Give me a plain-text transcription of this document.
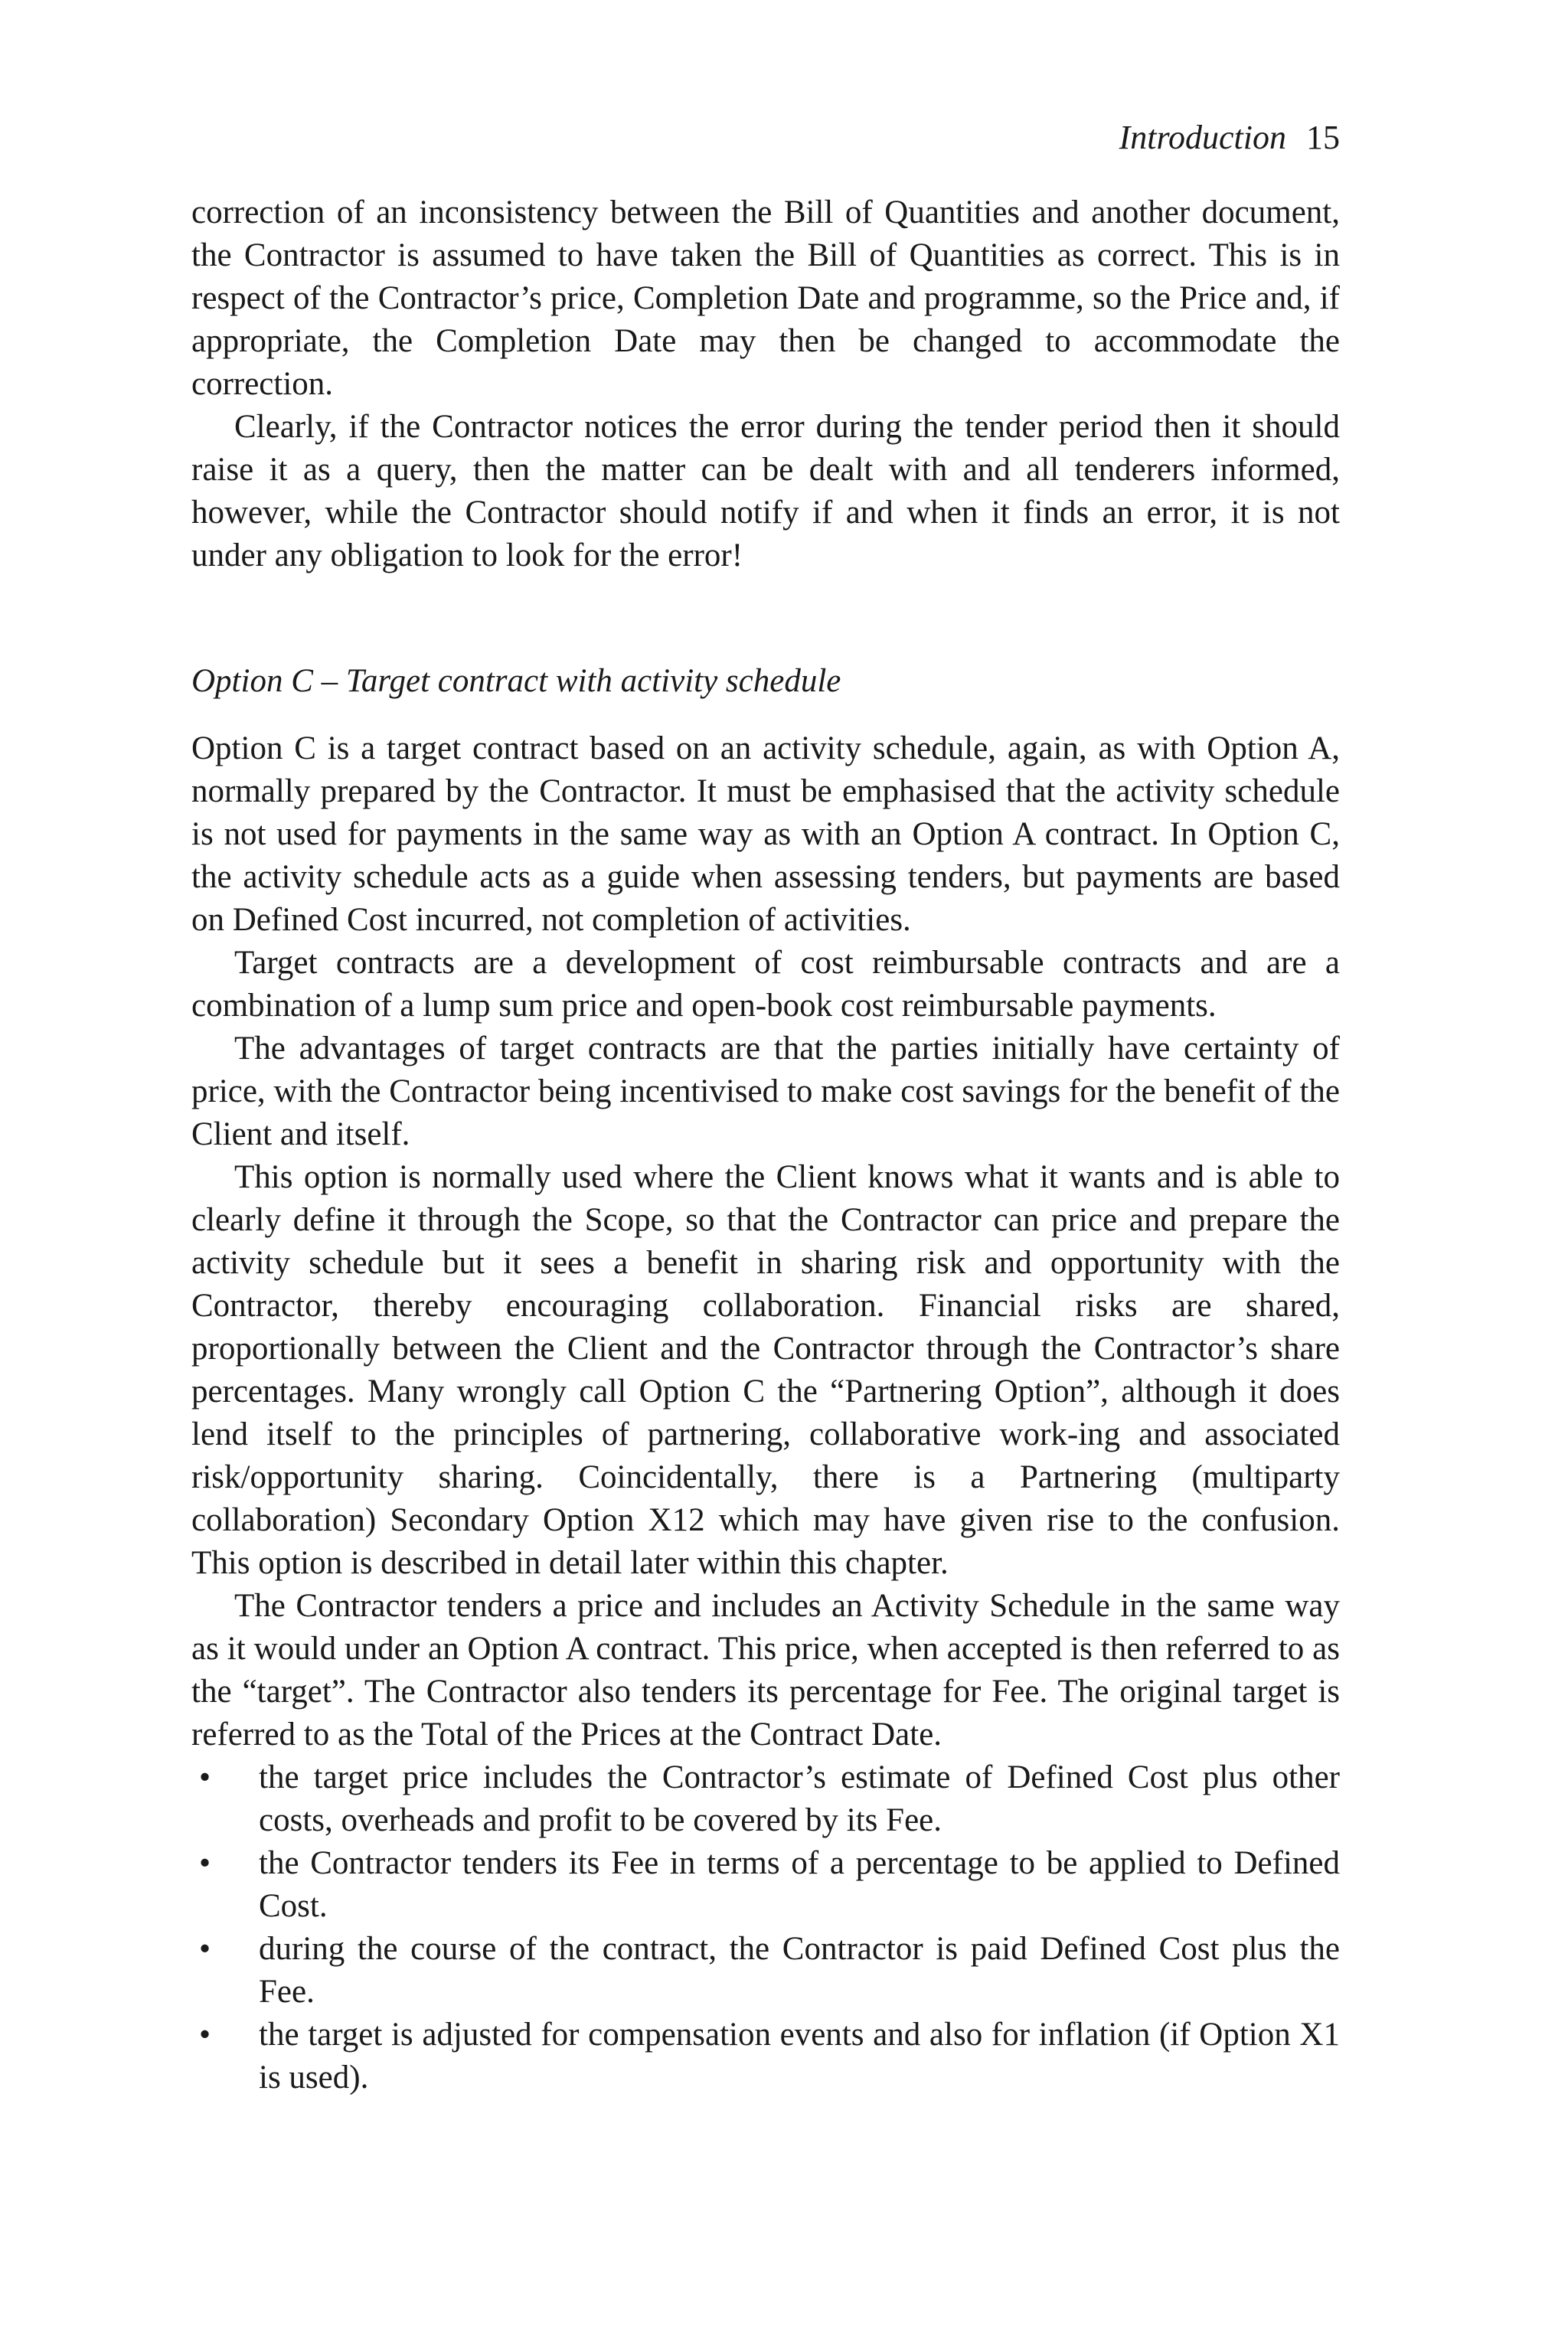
Introduction 15

correction of an inconsistency between the Bill of Quantities and another document, the Contractor is assumed to have taken the Bill of Quantities as correct. This is in respect of the Contractor’s price, Completion Date and programme, so the Price and, if appropriate, the Completion Date may then be changed to accommodate the correction.

Clearly, if the Contractor notices the error during the tender period then it should raise it as a query, then the matter can be dealt with and all tenderers informed, however, while the Contractor should notify if and when it finds an error, it is not under any obligation to look for the error!

Option C – Target contract with activity schedule

Option C is a target contract based on an activity schedule, again, as with Option A, normally prepared by the Contractor. It must be emphasised that the activity schedule is not used for payments in the same way as with an Option A contract. In Option C, the activity schedule acts as a guide when assessing tenders, but payments are based on Defined Cost incurred, not completion of activities.

Target contracts are a development of cost reimbursable contracts and are a combination of a lump sum price and open-book cost reimbursable payments.

The advantages of target contracts are that the parties initially have certainty of price, with the Contractor being incentivised to make cost savings for the benefit of the Client and itself.

This option is normally used where the Client knows what it wants and is able to clearly define it through the Scope, so that the Contractor can price and prepare the activity schedule but it sees a benefit in sharing risk and opportunity with the Contractor, thereby encouraging collaboration. Financial risks are shared, proportionally between the Client and the Contractor through the Contractor’s share percentages. Many wrongly call Option C the “Partnering Option”, although it does lend itself to the principles of partnering, collaborative work-ing and associated risk/opportunity sharing. Coincidentally, there is a Partnering (multiparty collaboration) Secondary Option X12 which may have given rise to the confusion. This option is described in detail later within this chapter.

The Contractor tenders a price and includes an Activity Schedule in the same way as it would under an Option A contract. This price, when accepted is then referred to as the “target”. The Contractor also tenders its percentage for Fee. The original target is referred to as the Total of the Prices at the Contract Date.

• the target price includes the Contractor’s estimate of Defined Cost plus other costs, overheads and profit to be covered by its Fee.
• the Contractor tenders its Fee in terms of a percentage to be applied to Defined Cost.
• during the course of the contract, the Contractor is paid Defined Cost plus the Fee.
• the target is adjusted for compensation events and also for inflation (if Option X1 is used).
